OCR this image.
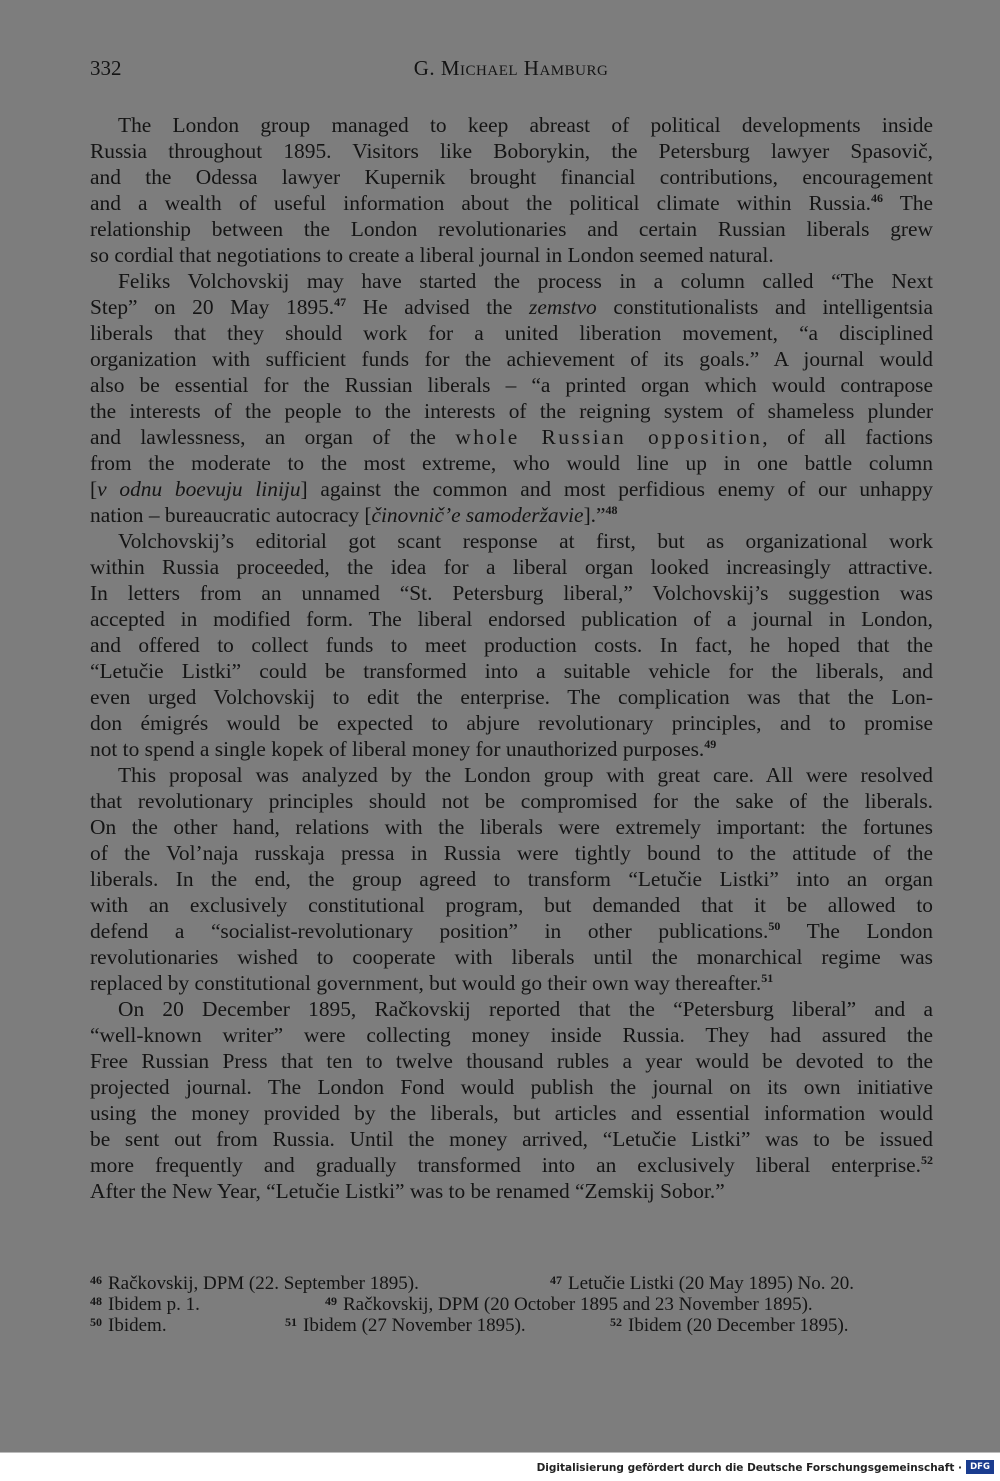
332	G. Michael Hamburg
The London group managed to keep abreast of political developments inside
Russia throughout 1895. Visitors like Boborykin, the Petersburg lawyer Spasovič,
and the Odessa lawyer Kupernik brought financial contributions, encouragement
and a wealth of useful information about the political climate within Russia.$^{46}$ The
relationship between the London revolutionaries and certain Russian liberals grew
so cordial that negotiations to create a liberal journal in London seemed natural.
Feliks Volchovskij may have started the process in a column called “The Next
Step” on 20 May 1895.47 He advised the zemstvo constitutionalists and intelligentsia
liberals that they should work for a united liberation movement, “a disciplined
organization with sufficient funds for the achievement of its goals.” A journal would
also be essential for the Russian liberals – “a printed organ which would contrapose
the interests of the people to the interests of the reigning system of shameless plunder
and lawlessness, an organ of the whole Russian opposition, of all factions
from the moderate to the most extreme, who would line up in one battle column
[v odnu boevuju liniju] against the common and most perfidious enemy of our unhappy
nation – bureaucratic autocracy [činovnič’e samoderžavie].”$^{48}$
Volchovskij’s editorial got scant response at first, but as organizational work
within Russia proceeded, the idea for a liberal organ looked increasingly attractive.
In letters from an unnamed “St. Petersburg liberal,” Volchovskij’s suggestion was
accepted in modified form. The liberal endorsed publication of a journal in London,
and offered to collect funds to meet production costs. In fact, he hoped that the
“Letučie Listki” could be transformed into a suitable vehicle for the liberals, and
even urged Volchovskij to edit the enterprise. The complication was that the Lon-
don émigrés would be expected to abjure revolutionary principles, and to promise
not to spend a single kopek of liberal money for unauthorized purposes.$^{49}$
This proposal was analyzed by the London group with great care. All were resolved
that revolutionary principles should not be compromised for the sake of the liberals.
On the other hand, relations with the liberals were extremely important: the fortunes
of the Vol’naja russkaja pressa in Russia were tightly bound to the attitude of the
liberals. In the end, the group agreed to transform “Letučie Listki” into an organ
with an exclusively constitutional program, but demanded that it be allowed to
defend a “socialist-revolutionary position” in other publications.$^{50}$ The London
revolutionaries wished to cooperate with liberals until the monarchical regime was
replaced by constitutional government, but would go their own way thereafter.$^{51}$
On 20 December 1895, Račkovskij reported that the “Petersburg liberal” and a
“well-known writer” were collecting money inside Russia. They had assured the
Free Russian Press that ten to twelve thousand rubles a year would be devoted to the
projected journal. The London Fond would publish the journal on its own initiative
using the money provided by the liberals, but articles and essential information would
be sent out from Russia. Until the money arrived, “Letučie Listki” was to be issued
more frequently and gradually transformed into an exclusively liberal enterprise.$^{52}$
After the New Year, “Letučie Listki” was to be renamed “Zemskij Sobor.”
$^{46}$ Račkovskij, DPM (22. September 1895).	$^{47}$ Letučie Listki (20 May 1895) No. 20.
$^{48}$ Ibidem p. 1.	$^{49}$ Račkovskij, DPM (20 October 1895 and 23 November 1895).
$^{50}$ Ibidem.	$^{51}$ Ibidem (27 November 1895).	$^{52}$ Ibidem (20 December 1895).
Digitalisierung gefördert durch die Deutsche Forschungsgemeinschaft · DFG
